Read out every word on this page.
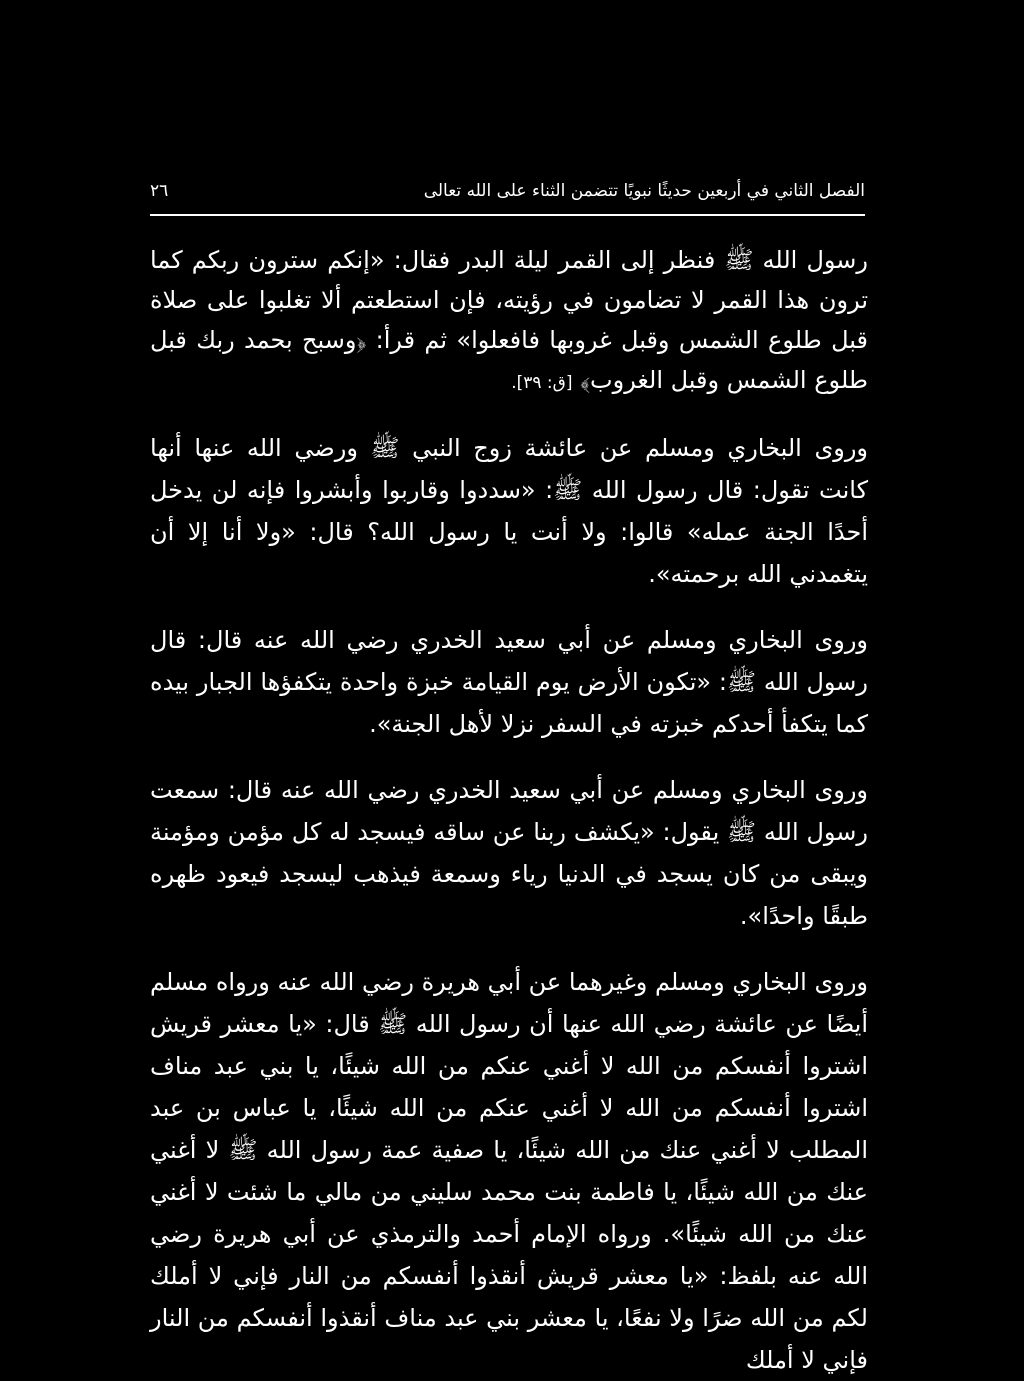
الفصل الثاني في أربعين حديثًا نبويًا تتضمن الثناء على الله تعالى
٢٦

رسول الله ﷺ فنظر إلى القمر ليلة البدر فقال: «إنكم سترون ربكم كما ترون هذا القمر لا تضامون في رؤيته، فإن استطعتم ألا تغلبوا على صلاة قبل طلوع الشمس وقبل غروبها فافعلوا» ثم قرأ: ﴿وسبح بحمد ربك قبل طلوع الشمس وقبل الغروب﴾ [ق: ٣٩].

وروى البخاري ومسلم عن عائشة زوج النبي ﷺ ورضي الله عنها أنها كانت تقول: قال رسول الله ﷺ: «سددوا وقاربوا وأبشروا فإنه لن يدخل أحدًا الجنة عمله» قالوا: ولا أنت يا رسول الله؟ قال: «ولا أنا إلا أن يتغمدني الله برحمته».

وروى البخاري ومسلم عن أبي سعيد الخدري رضي الله عنه قال: قال رسول الله ﷺ: «تكون الأرض يوم القيامة خبزة واحدة يتكفؤها الجبار بيده كما يتكفأ أحدكم خبزته في السفر نزلا لأهل الجنة».

وروى البخاري ومسلم عن أبي سعيد الخدري رضي الله عنه قال: سمعت رسول الله ﷺ يقول: «يكشف ربنا عن ساقه فيسجد له كل مؤمن ومؤمنة ويبقى من كان يسجد في الدنيا رياء وسمعة فيذهب ليسجد فيعود ظهره طبقًا واحدًا».

وروى البخاري ومسلم وغيرهما عن أبي هريرة رضي الله عنه ورواه مسلم أيضًا عن عائشة رضي الله عنها أن رسول الله ﷺ قال: «يا معشر قريش اشتروا أنفسكم من الله لا أغني عنكم من الله شيئًا، يا بني عبد مناف اشتروا أنفسكم من الله لا أغني عنكم من الله شيئًا، يا عباس بن عبد المطلب لا أغني عنك من الله شيئًا، يا صفية عمة رسول الله ﷺ لا أغني عنك من الله شيئًا، يا فاطمة بنت محمد سليني من مالي ما شئت لا أغني عنك من الله شيئًا». ورواه الإمام أحمد والترمذي عن أبي هريرة رضي الله عنه بلفظ: «يا معشر قريش أنقذوا أنفسكم من النار فإني لا أملك لكم من الله ضرًا ولا نفعًا، يا معشر بني عبد مناف أنقذوا أنفسكم من النار فإني لا أملك
